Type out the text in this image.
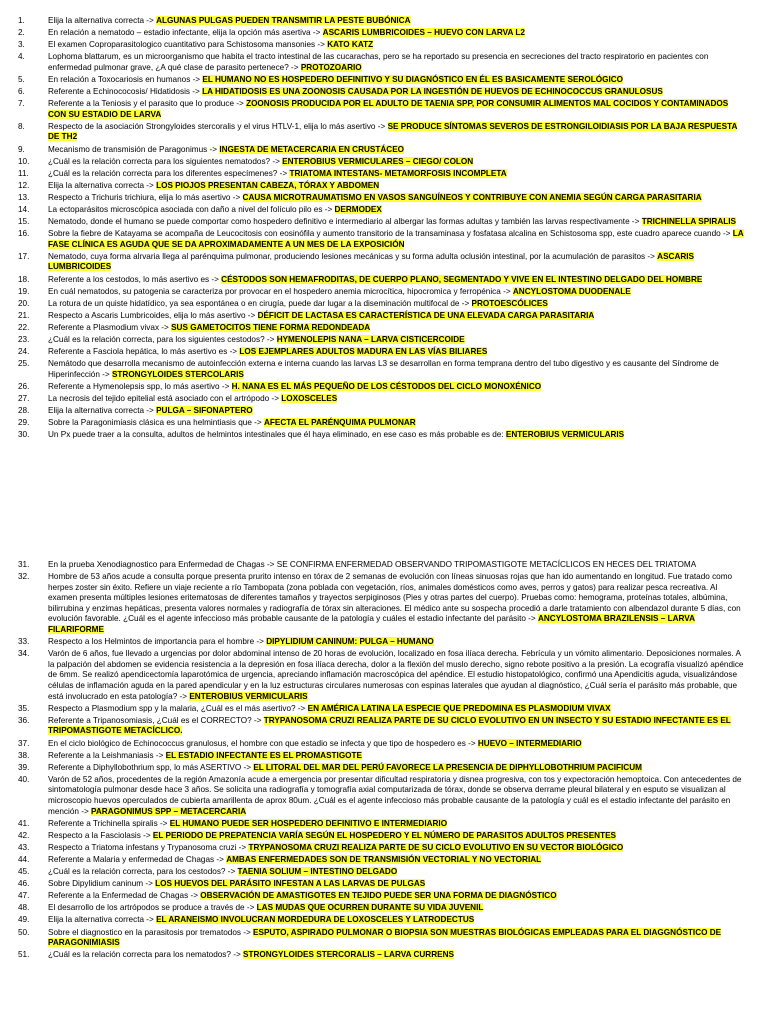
1.	Elija la alternativa correcta -> ALGUNAS PULGAS PUEDEN TRANSMITIR LA PESTE BUBÓNICA
2.	En relación a nematodo – estadio infectante, elija la opción más asertiva -> ASCARIS LUMBRICOIDES – HUEVO CON LARVA L2
3.	El examen Coproparasitologico cuantitativo para Schistosoma mansonies -> KATO KATZ
4.	Lophoma blattarum, es un microorganismo que habita el tracto intestinal de las cucarachas, pero se ha reportado su presencia en secreciones del tracto respiratorio en pacientes con enfermedad pulmonar grave, ¿A qué clase de parasito pertenece? -> PROTOZOARIO
5.	En relación a Toxocariosis en humanos -> EL HUMANO NO ES HOSPEDERO DEFINITIVO Y SU DIAGNÓSTICO EN ÉL ES BASICAMENTE SEROLÓGICO
6.	Referente a Echinococosis/ Hidatidosis -> LA HIDATIDOSIS ES UNA ZOONOSIS CAUSADA POR LA INGESTIÓN DE HUEVOS DE ECHINOCOCCUS GRANULOSUS
7.	Referente a la Teniosis y el parasito que lo produce -> ZOONOSIS PRODUCIDA POR EL ADULTO DE TAENIA SPP, POR CONSUMIR ALIMENTOS MAL COCIDOS Y CONTAMINADOS CON SU ESTADIO DE LARVA
8.	Respecto de la asociación Strongyloides stercoralis y el virus HTLV-1, elija lo más asertivo -> SE PRODUCE SÍNTOMAS SEVEROS DE ESTRONGILOIDIASIS POR LA BAJA RESPUESTA DE TH2
9.	Mecanismo de transmisión de Paragonimus -> INGESTA DE METACERCARIA EN CRUSTÁCEO
10.	¿Cuál es la relación correcta para los siguientes nematodos? -> ENTEROBIUS VERMICULARES – CIEGO/ COLON
11.	¿Cuál es la relación correcta para los diferentes especímenes? -> TRIATOMA INTESTANS- METAMORFOSIS INCOMPLETA
12.	Elija la alternativa correcta -> LOS PIOJOS PRESENTAN CABEZA, TÓRAX Y ABDOMEN
13.	Respecto a Trichuris trichiura, elija lo más asertivo -> CAUSA MICROTRAUMATISMO EN VASOS SANGUÍNEOS Y CONTRIBUYE CON ANEMIA SEGÚN CARGA PARASITARIA
14.	La ectoparásitos microscópica asociada con daño a nivel del folículo pilo es -> DERMODEX
15.	Nematodo, donde el humano se puede comportar como hospedero definitivo e intermediario al albergar las formas adultas y también las larvas respectivamente -> TRICHINELLA SPIRALIS
16.	Sobre la fiebre de Katayama se acompaña de Leucocitosis con eosinófila y aumento transitorio de la transaminasa y fosfatasa alcalina en Schistosoma spp, este cuadro aparece cuando -> LA FASE CLÍNICA ES AGUDA QUE SE DA APROXIMADAMENTE A UN MES DE LA EXPOSICIÓN
17.	Nematodo, cuya forma alrvaria llega al parénquima pulmonar, produciendo lesiones mecánicas y su forma adulta oclusión intestinal, por la acumulación de parasitos -> ASCARIS LUMBRICOIDES
18.	Referente a los cestodos, lo más asertivo es -> CÉSTODOS SON HEMAFRODITAS, DE CUERPO PLANO, SEGMENTADO Y VIVE EN EL INTESTINO DELGADO DEL HOMBRE
19.	En cuál nematodos, su patogenia se caracteriza por provocar en el hospedero anemia microcítica, hipocromica y ferropénica -> ANCYLOSTOMA DUODENALE
20.	La rotura de un quiste hidatídico, ya sea espontánea o en cirugía, puede dar lugar a la diseminación multifocal de -> PROTOESCÓLICES
21.	Respecto a Ascaris Lumbricoides, elija lo más asertivo -> DÉFICIT DE LACTASA ES CARACTERÍSTICA DE UNA ELEVADA CARGA PARASITARIA
22.	Referente a Plasmodium vivax -> SUS GAMETOCITOS TIENE FORMA REDONDEADA
23.	¿Cuál es la relación correcta, para los siguientes cestodos? -> HYMENOLEPIS NANA – LARVA CISTICERCOIDE
24.	Referente a Fasciola hepática, lo más asertivo es -> LOS EJEMPLARES ADULTOS MADURA EN LAS VÍAS BILIARES
25.	Nemátodo que desarrolla mecanismo de autoinfección externa e interna cuando las larvas L3 se desarrollan en forma temprana dentro del tubo digestivo y es causante del Síndrome de Hiperinfección -> STRONGYLOIDES STERCOLARIS
26.	Referente a Hymenolepsis spp, lo más asertivo -> H. NANA ES EL MÁS PEQUEÑO DE LOS CÉSTODOS DEL CICLO MONOXÉNICO
27.	La necrosis del tejido epitelial está asociado con el artrópodo -> LOXOSCELES
28.	Elija la alternativa correcta -> PULGA – SIFONAPTERO
29.	Sobre la Paragonimiasis clásica es una helmintiasis que -> AFECTA EL PARÉNQUIMA PULMONAR
30.	Un Px puede traer a la consulta, adultos de helmintos intestinales que él haya eliminado, en ese caso es más probable es de: ENTEROBIUS VERMICULARIS
31.	En la prueba Xenodiagnostico para Enfermedad de Chagas -> SE CONFIRMA ENFERMEDAD OBSERVANDO TRIPOMASTIGOTE METACÍCLICOS EN HECES DEL TRIATOMA
32.	Hombre de 53 años acude a consulta porque presenta prurito intenso en tórax de 2 semanas de evolución con líneas sinuosas rojas que han ido aumentando en longitud. Fue tratado como herpes zoster sin éxito. Refiere un viaje reciente a río Tambopata (zona poblada con vegetación, ríos, animales domésticos como aves, perros y gatos) para realizar pesca recreativa. Al examen presenta múltiples lesiones eritematosas de diferentes tamaños y trayectos serpiginosos (Pies y otras partes del cuerpo). Pruebas como: hemograma, proteínas totales, albúmina, bilirrubina y enzimas hepáticas, presenta valores normales y radiografía de tórax sin alteraciones. El médico ante su sospecha procedió a darle tratamiento con albendazol durante 5 días, con evolución favorable. ¿Cuál es el agente infeccioso más probable causante de la patología y cuáles el estadio infectante del parásito -> ANCYLOSTOMA BRAZILENSIS – LARVA FILARIFORME
33.	Respecto a los Helmintos de importancia para el hombre -> DIPYLIDIUM CANINUM: PULGA – HUMANO
34.	Varón de 6 años, fue llevado a urgencias por dolor abdominal intenso de 20 horas de evolución, localizado en fosa ilíaca derecha. Febrícula y un vómito alimentario. Deposiciones normales. A la palpación del abdomen se evidencia resistencia a la depresión en fosa ilíaca derecha, dolor a la flexión del muslo derecho, signo rebote positivo a la presión. La ecografía visualizó apéndice de 6mm. Se realizó apendicectomía laparotómica de urgencia, apreciando inflamación macroscópica del apéndice. El estudio histopatológico, confirmó una Apendicitis aguda, visualizándose células de inflamación aguda en la pared apendicular y en la luz estructuras circulares numerosas con espinas laterales que ayudan al diagnóstico, ¿Cuál sería el parásito más probable, que está involucrado en esta patología? -> ENTEROBIUS VERMICULARIS
35.	Respecto a Plasmodium spp y la malaria, ¿Cuál es el más asertivo? -> EN AMÉRICA LATINA LA ESPECIE QUE PREDOMINA ES PLASMODIUM VIVAX
36.	Referente a Tripanosomiasis, ¿Cuál es el CORRECTO? -> TRYPANOSOMA CRUZI REALIZA PARTE DE SU CICLO EVOLUTIVO EN UN INSECTO Y SU ESTADIO INFECTANTE ES EL TRIPOMASTIGOTE METACÍCLICO.
37.	En el ciclo biológico de Echinococcus granulosus, el hombre con que estadio se infecta y que tipo de hospedero es -> HUEVO – INTERMEDIARIO
38.	Referente a la Leishmaniasis -> EL ESTADIO INFECTANTE ES EL PROMASTIGOTE
39.	Referente a Diphyllobothrium spp, lo más ASERTIVO -> EL LITORAL DEL MAR DEL PERÚ FAVORECE LA PRESENCIA DE DIPHYLLOBOTHRIUM PACIFICUM
40.	Varón de 52 años, procedentes de la región Amazonía acude a emergencia por presentar dificultad respiratoria y disnea progresiva, con tos y expectoración hemoptoica. Con antecedentes de sintomatología pulmonar desde hace 3 años. Se solicita una radiografía y tomografía axial computarizada de tórax, donde se observa derrame pleural bilateral y en esputo se visualizan al microscopio huevos operculados de cubierta amarillenta de aprox 80um. ¿Cuál es el agente infeccioso más probable causante de la patología y cuál es el estadio infectante del parásito en mención -> PARAGONIMUS SPP – METACERCARIA
41.	Referente a Trichinella spiralis -> EL HUMANO PUEDE SER HOSPEDERO DEFINITIVO E INTERMEDIARIO
42.	Respecto a la Fasciolasis -> EL PERIODO DE PREPATENCIA VARÍA SEGÚN EL HOSPEDERO Y EL NÚMERO DE PARASITOS ADULTOS PRESENTES
43.	Respecto a Triatoma infestans y Trypanosoma cruzi -> TRYPANOSOMA CRUZI REALIZA PARTE DE SU CICLO EVOLUTIVO EN SU VECTOR BIOLÓGICO
44.	Referente a Malaria y enfermedad de Chagas -> AMBAS ENFERMEDADES SON DE TRANSMISIÓN VECTORIAL Y NO VECTORIAL
45.	¿Cuál es la relación correcta, para los cestodos? -> TAENIA SOLIUM – INTESTINO DELGADO
46.	Sobre Dipylidium caninum -> LOS HUEVOS DEL PARÁSITO INFESTAN A LAS LARVAS DE PULGAS
47.	Referente a la Enfermedad de Chagas -> OBSERVACIÓN DE AMASTIGOTES EN TEJIDO PUEDE SER UNA FORMA DE DIAGNÓSTICO
48.	El desarrollo de los artrópodos se produce a través de -> LAS MUDAS QUE OCURREN DURANTE SU VIDA JUVENIL
49.	Elija la alternativa correcta -> EL ARANEISMO INVOLUCRAN MORDEDURA DE LOXOSCELES Y LATRODECTUS
50.	Sobre el diagnostico en la parasitosis por trematodos -> ESPUTO, ASPIRADO PULMONAR O BIOPSIA SON MUESTRAS BIOLÓGICAS EMPLEADAS PARA EL DIAGGNÓSTICO DE PARAGONIMIASIS
51.	¿Cuál es la relación correcta para los nematodos? -> STRONGYLOIDES STERCORALIS – LARVA CURRENS
